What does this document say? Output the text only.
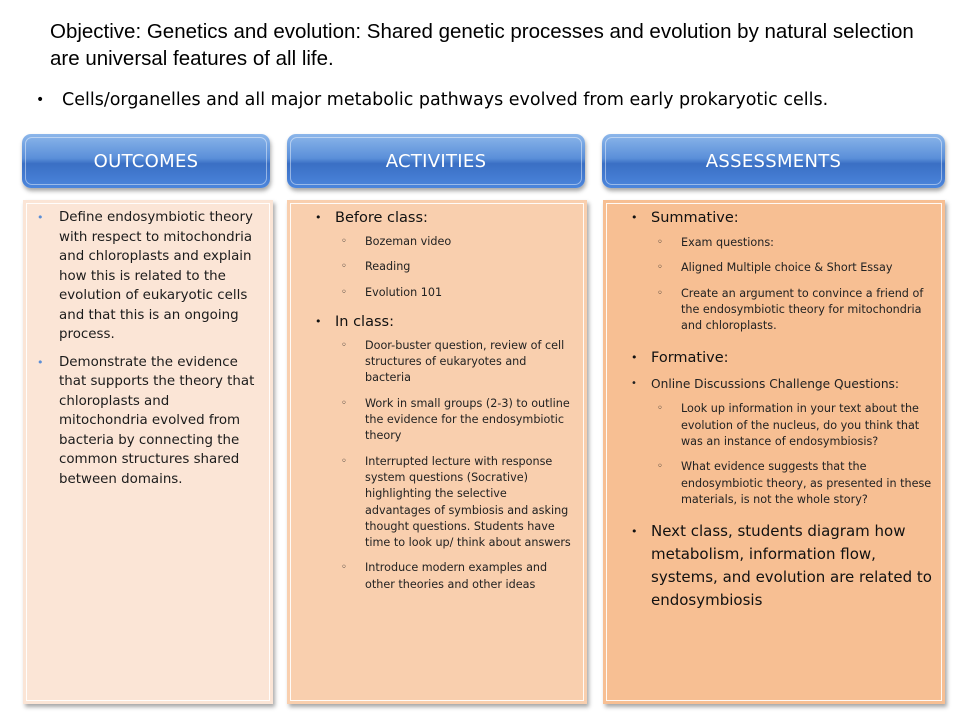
Objective: Genetics and evolution: Shared genetic processes and evolution by natural selection are universal features of all life.
• Cells/organelles and all major metabolic pathways evolved from early prokaryotic cells.
OUTCOMES	ACTIVITIES	ASSESSMENTS
• Define endosymbiotic theory with respect to mitochondria and chloroplasts and explain how this is related to the evolution of eukaryotic cells and that this is an ongoing process.
• Demonstrate the evidence that supports the theory that chloroplasts and mitochondria evolved from bacteria by connecting the common structures shared between domains.
• Before class:
◦ Bozeman video
◦ Reading
◦ Evolution 101
• In class:
◦ Door-buster question, review of cell structures of eukaryotes and bacteria
◦ Work in small groups (2-3) to outline the evidence for the endosymbiotic theory
◦ Interrupted lecture with response system questions (Socrative) highlighting the selective advantages of symbiosis and asking thought questions. Students have time to look up/ think about answers
◦ Introduce modern examples and other theories and other ideas
• Summative:
◦ Exam questions:
◦ Aligned Multiple choice & Short Essay
◦ Create an argument to convince a friend of the endosymbiotic theory for mitochondria and chloroplasts.
• Formative:
• Online Discussions Challenge Questions:
◦ Look up information in your text about the evolution of the nucleus, do you think that was an instance of endosymbiosis?
◦ What evidence suggests that the endosymbiotic theory, as presented in these materials, is not the whole story?
• Next class, students diagram how metabolism, information flow, systems, and evolution are related to endosymbiosis
